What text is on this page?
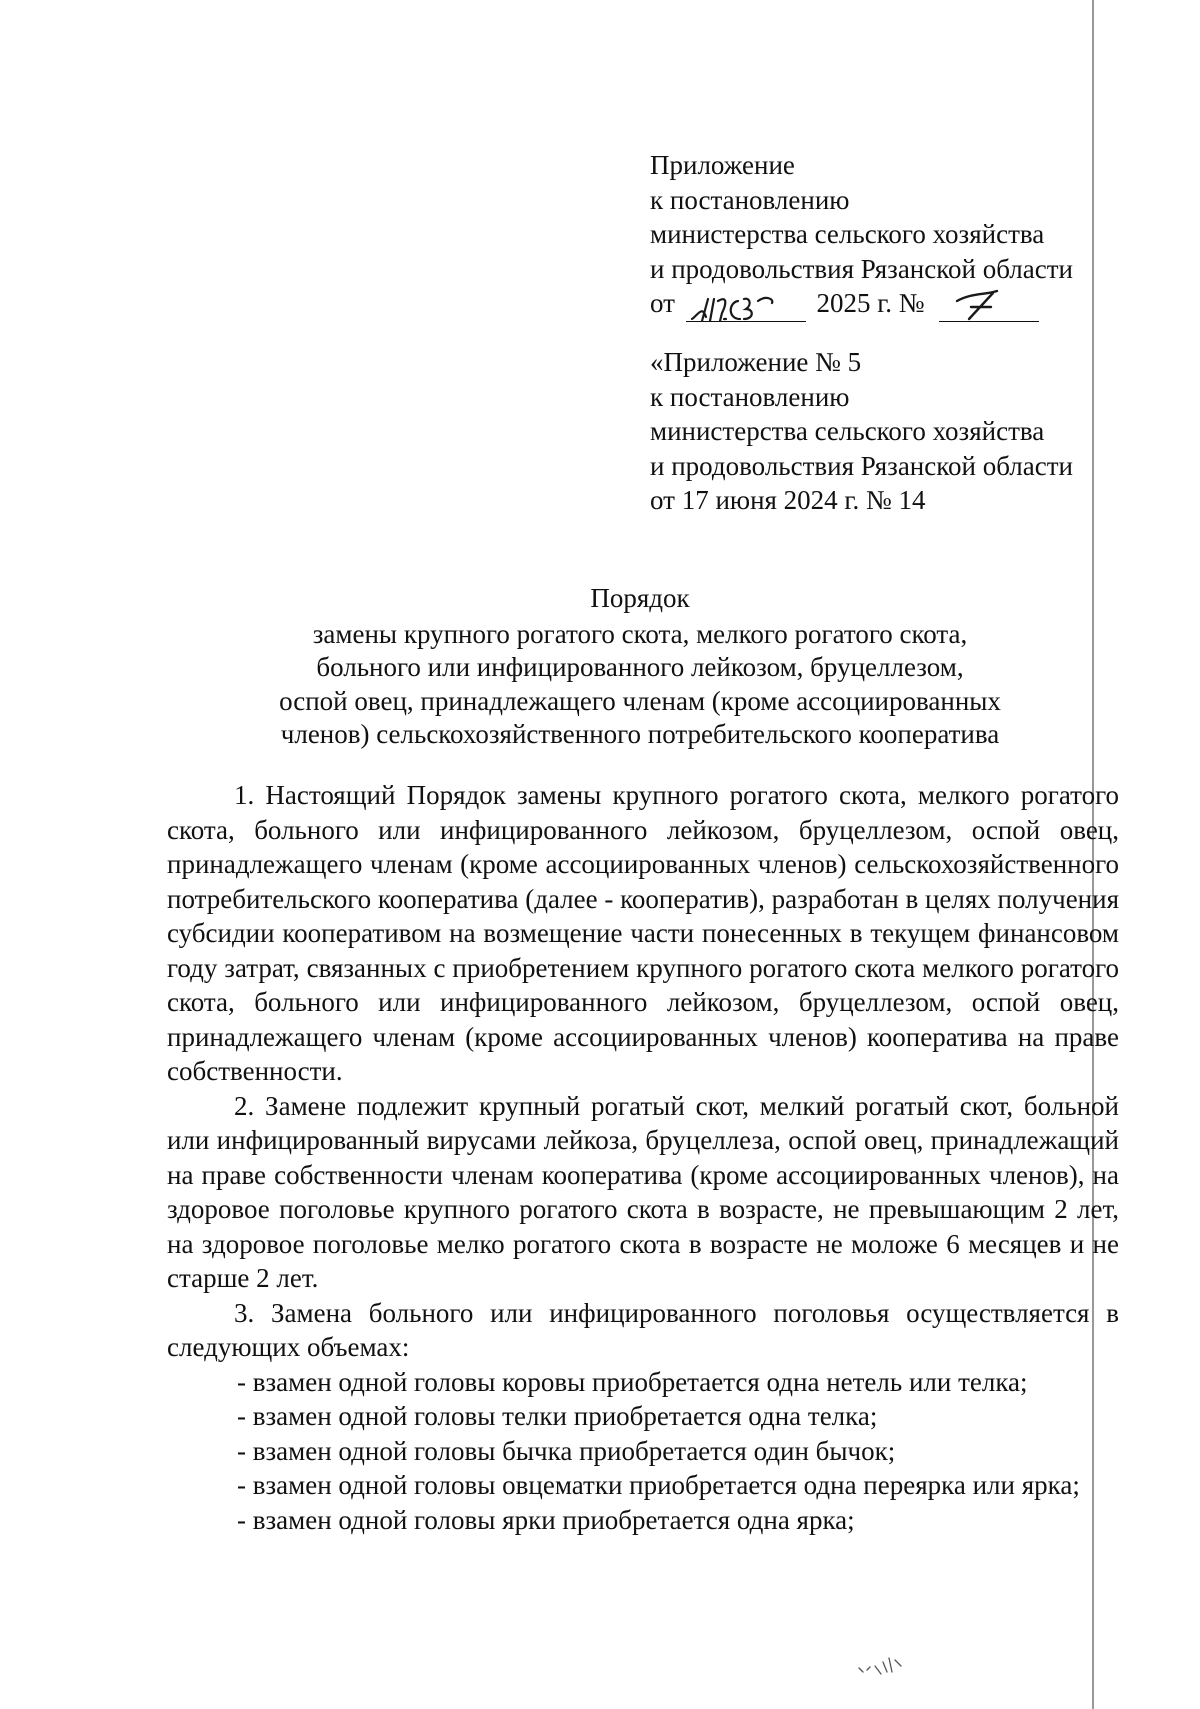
Приложение
к постановлению
министерства сельского хозяйства
и продовольствия Рязанской области
от	2025 г. №
«Приложение № 5
к постановлению
министерства сельского хозяйства
и продовольствия Рязанской области
от 17 июня 2024 г. № 14
Порядок
замены крупного рогатого скота, мелкого рогатого скота,
больного или инфицированного лейкозом, бруцеллезом,
оспой овец, принадлежащего членам (кроме ассоциированных
членов) сельскохозяйственного потребительского кооператива

1. Настоящий Порядок замены крупного рогатого скота, мелкого рогатого скота, больного или инфицированного лейкозом, бруцеллезом, оспой овец, принадлежащего членам (кроме ассоциированных членов) сельскохозяйственного потребительского кооператива (далее - кооператив), разработан в целях получения субсидии кооперативом на возмещение части понесенных в текущем финансовом году затрат, связанных с приобретением крупного рогатого скота мелкого рогатого скота, больного или инфицированного лейкозом, бруцеллезом, оспой овец, принадлежащего членам (кроме ассоциированных членов) кооператива на праве собственности.

2. Замене подлежит крупный рогатый скот, мелкий рогатый скот, больной или инфицированный вирусами лейкоза, бруцеллеза, оспой овец, принадлежащий на праве собственности членам кооператива (кроме ассоциированных членов), на здоровое поголовье крупного рогатого скота в возрасте, не превышающим 2 лет, на здоровое поголовье мелко рогатого скота в возрасте не моложе 6 месяцев и не старше 2 лет.

3. Замена больного или инфицированного поголовья осуществляется в следующих объемах:

- взамен одной головы коровы приобретается одна нетель или телка;

- взамен одной головы телки приобретается одна телка;

- взамен одной головы бычка приобретается один бычок;

- взамен одной головы овцематки приобретается одна переярка или ярка;

- взамен одной головы ярки приобретается одна ярка;
